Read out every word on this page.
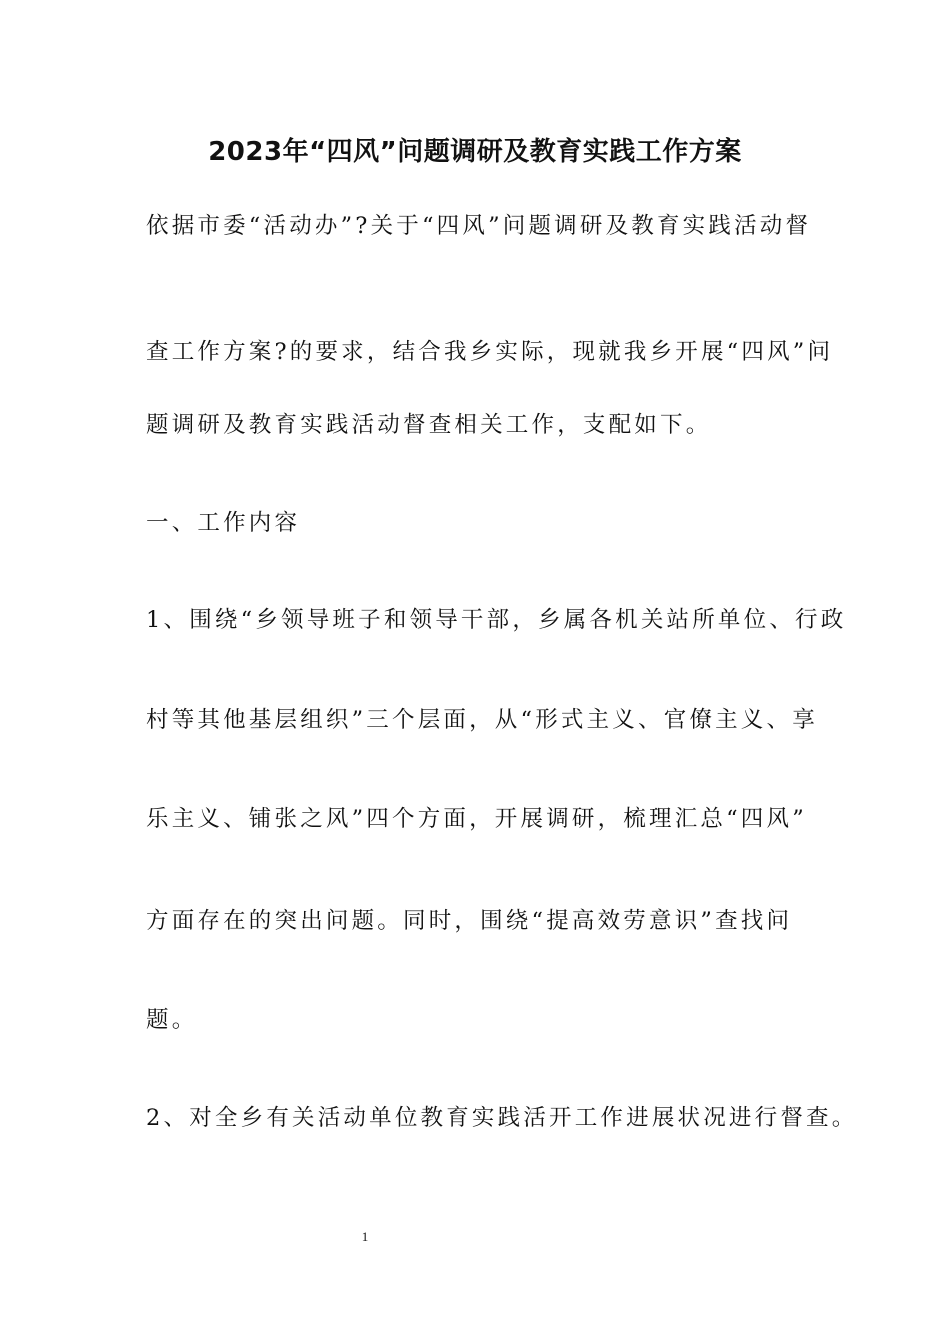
2023年“四风”问题调研及教育实践工作方案
依据市委“活动办”?关于“四风”问题调研及教育实践活动督
查工作方案?的要求，结合我乡实际，现就我乡开展“四风”问
题调研及教育实践活动督查相关工作，支配如下。
一、工作内容
1、围绕“乡领导班子和领导干部，乡属各机关站所单位、行政
村等其他基层组织”三个层面，从“形式主义、官僚主义、享
乐主义、铺张之风”四个方面，开展调研，梳理汇总“四风”
方面存在的突出问题。同时，围绕“提高效劳意识”查找问
题。
2、对全乡有关活动单位教育实践活开工作进展状况进行督查。
1
